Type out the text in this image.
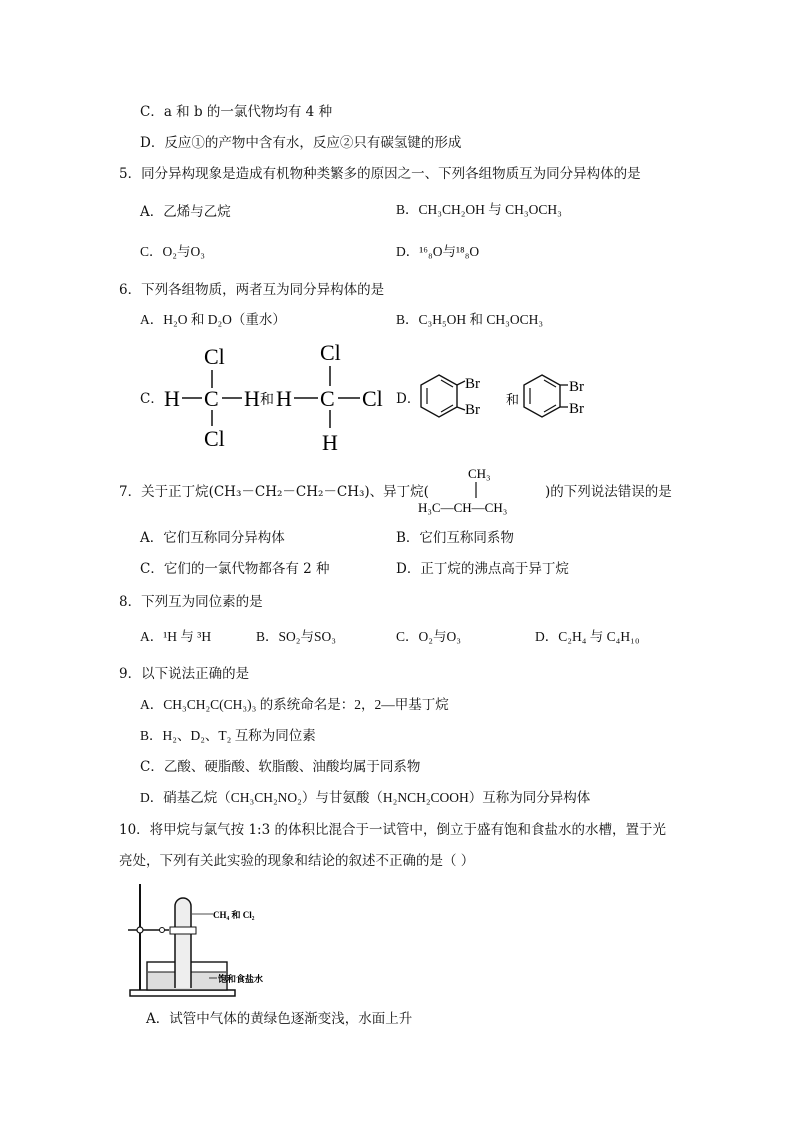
C．a 和 b 的一氯代物均有 4 种
D．反应①的产物中含有水，反应②只有碳氢键的形成
5．同分异构现象是造成有机物种类繁多的原因之一、下列各组物质互为同分异构体的是
A．乙烯与乙烷	B．CH₃CH₂OH 与 CH₃OCH₃
C．O₂与O₃	D．¹⁶₈O与¹⁸₈O
6．下列各组物质，两者互为同分异构体的是
A．H₂O 和 D₂O（重水）	B．C₃H₅OH 和 CH₃OCH₃
C．
Cl
H C H
Cl
和
Cl
H C Cl
H
D．
Br
Br
和
Br
Br
7．关于正丁烷(CH₃－CH₂－CH₂－CH₃)、异丁烷(
CH₃
H₃C—CH—CH₃
)的下列说法错误的是
A．它们互称同分异构体	B．它们互称同系物
C．它们的一氯代物都各有 2 种	D．正丁烷的沸点高于异丁烷
8．下列互为同位素的是
A．¹H 与 ³H	B．SO₂与SO₃	C．O₂与O₃	D．C₂H₄ 与 C₄H₁₀
9．以下说法正确的是
A．CH₃CH₂C(CH₃)₃ 的系统命名是：2，2—甲基丁烷
B．H₂、D₂、T₂ 互称为同位素
C．乙酸、硬脂酸、软脂酸、油酸均属于同系物
D．硝基乙烷（CH₃CH₂NO₂）与甘氨酸（H₂NCH₂COOH）互称为同分异构体
10．将甲烷与氯气按 1:3 的体积比混合于一试管中，倒立于盛有饱和食盐水的水槽，置于光
亮处，下列有关此实验的现象和结论的叙述不正确的是（ ）
CH₄ 和 Cl₂
饱和食盐水
A．试管中气体的黄绿色逐渐变浅，水面上升
